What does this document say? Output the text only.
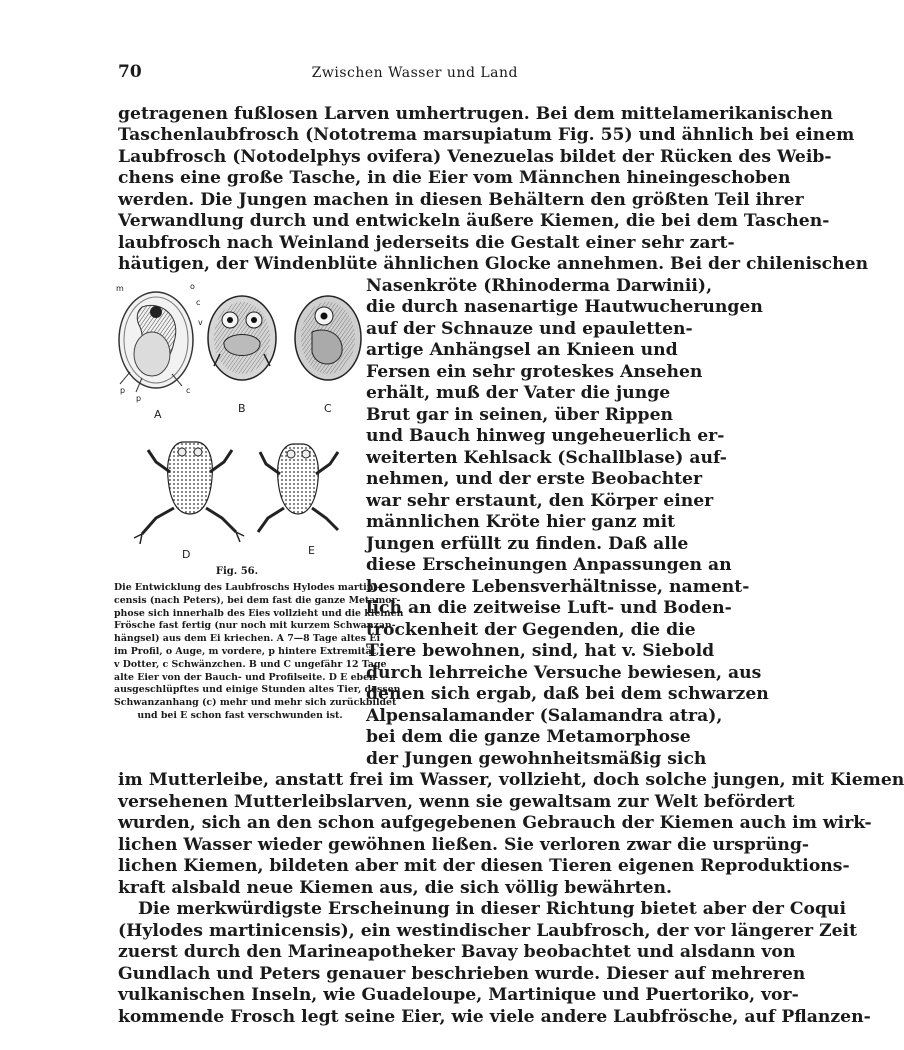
70	Zwischen Wasser und Land
getragenen fußlosen Larven umhertrugen. Bei dem mittelamerikanischen
Taschenlaubfrosch (Nototrema marsupiatum Fig. 55) und ähnlich bei einem
Laubfrosch (Notodelphys ovifera) Venezuelas bildet der Rücken des Weib-
chens eine große Tasche, in die Eier vom Männchen hineingeschoben
werden. Die Jungen machen in diesen Behältern den größten Teil ihrer
Verwandlung durch und entwickeln äußere Kiemen, die bei dem Taschen-
laubfrosch nach Weinland jederseits die Gestalt einer sehr zart-
häutigen, der Windenblüte ähnlichen Glocke annehmen. Bei der chilenischen
Nasenkröte (Rhinoderma Darwinii),
die durch nasenartige Hautwucherungen
auf der Schnauze und epauletten-
artige Anhängsel an Knieen und
Fersen ein sehr groteskes Ansehen
erhält, muß der Vater die junge
Brut gar in seinen, über Rippen
und Bauch hinweg ungeheuerlich er-
weiterten Kehlsack (Schallblase) auf-
nehmen, und der erste Beobachter
war sehr erstaunt, den Körper einer
männlichen Kröte hier ganz mit
Jungen erfüllt zu finden. Daß alle
diese Erscheinungen Anpassungen an
besondere Lebensverhältnisse, nament-
lich an die zeitweise Luft- und Boden-
trockenheit der Gegenden, die die
Tiere bewohnen, sind, hat v. Siebold
durch lehrreiche Versuche bewiesen, aus
denen sich ergab, daß bei dem schwarzen
Alpensalamander (Salamandra atra),
bei dem die ganze Metamorphose
der Jungen gewohnheitsmäßig sich
im Mutterleibe, anstatt frei im Wasser, vollzieht, doch solche jungen, mit Kiemen
versehenen Mutterleibslarven, wenn sie gewaltsam zur Welt befördert
wurden, sich an den schon aufgegebenen Gebrauch der Kiemen auch im wirk-
lichen Wasser wieder gewöhnen ließen. Sie verloren zwar die ursprüng-
lichen Kiemen, bildeten aber mit der diesen Tieren eigenen Reproduktions-
kraft alsbald neue Kiemen aus, die sich völlig bewährten.
Die merkwürdigste Erscheinung in dieser Richtung bietet aber der Coqui
(Hylodes martinicensis), ein westindischer Laubfrosch, der vor längerer Zeit
zuerst durch den Marineapotheker Bavay beobachtet und alsdann von
Gundlach und Peters genauer beschrieben wurde. Dieser auf mehreren
vulkanischen Inseln, wie Guadeloupe, Martinique und Puertoriko, vor-
kommende Frosch legt seine Eier, wie viele andere Laubfrösche, auf Pflanzen-
A	B	C
D	E
m	o
c
v
p
p
c
Fig. 56.
Die Entwicklung des Laubfroschs Hylodes martini-
censis (nach Peters), bei dem fast die ganze Metamor-
phose sich innerhalb des Eies vollzieht und die kleinen
Frösche fast fertig (nur noch mit kurzem Schwanzan-
hängsel) aus dem Ei kriechen. A 7—8 Tage altes Ei
im Profil, o Auge, m vordere, p hintere Extremität,
v Dotter, c Schwänzchen. B und C ungefähr 12 Tage
alte Eier von der Bauch- und Profilseite. D E eben
ausgeschlüpftes und einige Stunden altes Tier, dessen
Schwanzanhang (c) mehr und mehr sich zurückbildet
und bei E schon fast verschwunden ist.
